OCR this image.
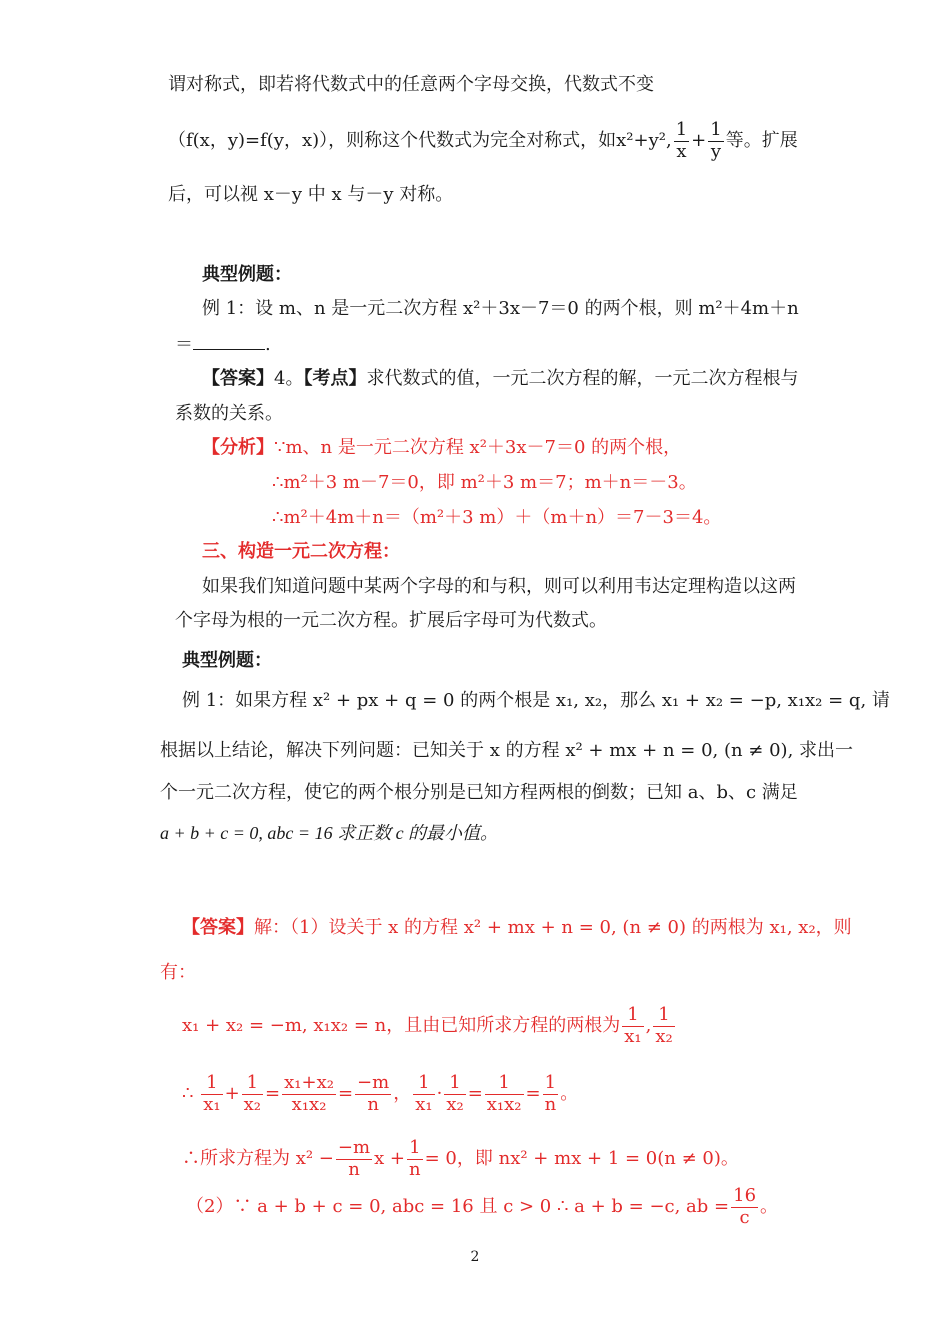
谓对称式，即若将代数式中的任意两个字母交换，代数式不变
（f(x，y)=f(y，x)），则称这个代数式为完全对称式，如x²+y², $\frac{1}{x} + \frac{1}{y}$ 等。扩展
后，可以视 x－y 中 x 与－y 对称。
典型例题：
例 1：设 m、n 是一元二次方程 x²＋3x－7＝0 的两个根，则 m²＋4m＋n
＝	.
【答案】4。【考点】求代数式的值，一元二次方程的解，一元二次方程根与
系数的关系。
【分析】∵m、n 是一元二次方程 x²＋3x－7＝0 的两个根，
∴m²＋3 m－7＝0，即 m²＋3 m＝7；m＋n＝－3。
∴m²＋4m＋n＝（m²＋3 m）＋（m＋n）＝7－3＝4。
三、构造一元二次方程：
如果我们知道问题中某两个字母的和与积，则可以利用韦达定理构造以这两
个字母为根的一元二次方程。扩展后字母可为代数式。
典型例题：
例 1：如果方程 x² + px + q = 0 的两个根是 x₁, x₂，那么 x₁ + x₂ = −p, x₁x₂ = q, 请
根据以上结论，解决下列问题：已知关于 x 的方程 x² + mx + n = 0, (n ≠ 0), 求出一
个一元二次方程，使它的两个根分别是已知方程两根的倒数；已知 a、b、c 满足
a + b + c = 0, abc = 16 求正数 c 的最小值。
【答案】解：（1）设关于 x 的方程 x² + mx + n = 0, (n ≠ 0) 的两根为 x₁, x₂，则
有：
x₁ + x₂ = −m, x₁x₂ = n，且由已知所求方程的两根为 $\frac{1}{\text{x₁}}$ , $\frac{1}{\text{x₂}}$
∴ $\frac{1}{\text{x₁}} + \frac{1}{\text{x₂}} = \frac{\text{x₁+x₂}}{\text{x₁x₂}} = \frac{-m}{n}$ ， $\frac{1}{\text{x₁}} \cdot \frac{1}{\text{x₂}} = \frac{1}{\text{x₁x₂}} = \frac{1}{n}$ 。
∴所求方程为 $x^2 - \frac{-m}{n}$ $x + \frac{1}{n} = 0$，即 nx² + mx + 1 = 0(n ≠ 0)。
（2）∵ a + b + c = 0, abc = 16 且 c > 0 ∴ a + b = −c, ab = $\frac{16}{c}$ 。
2
